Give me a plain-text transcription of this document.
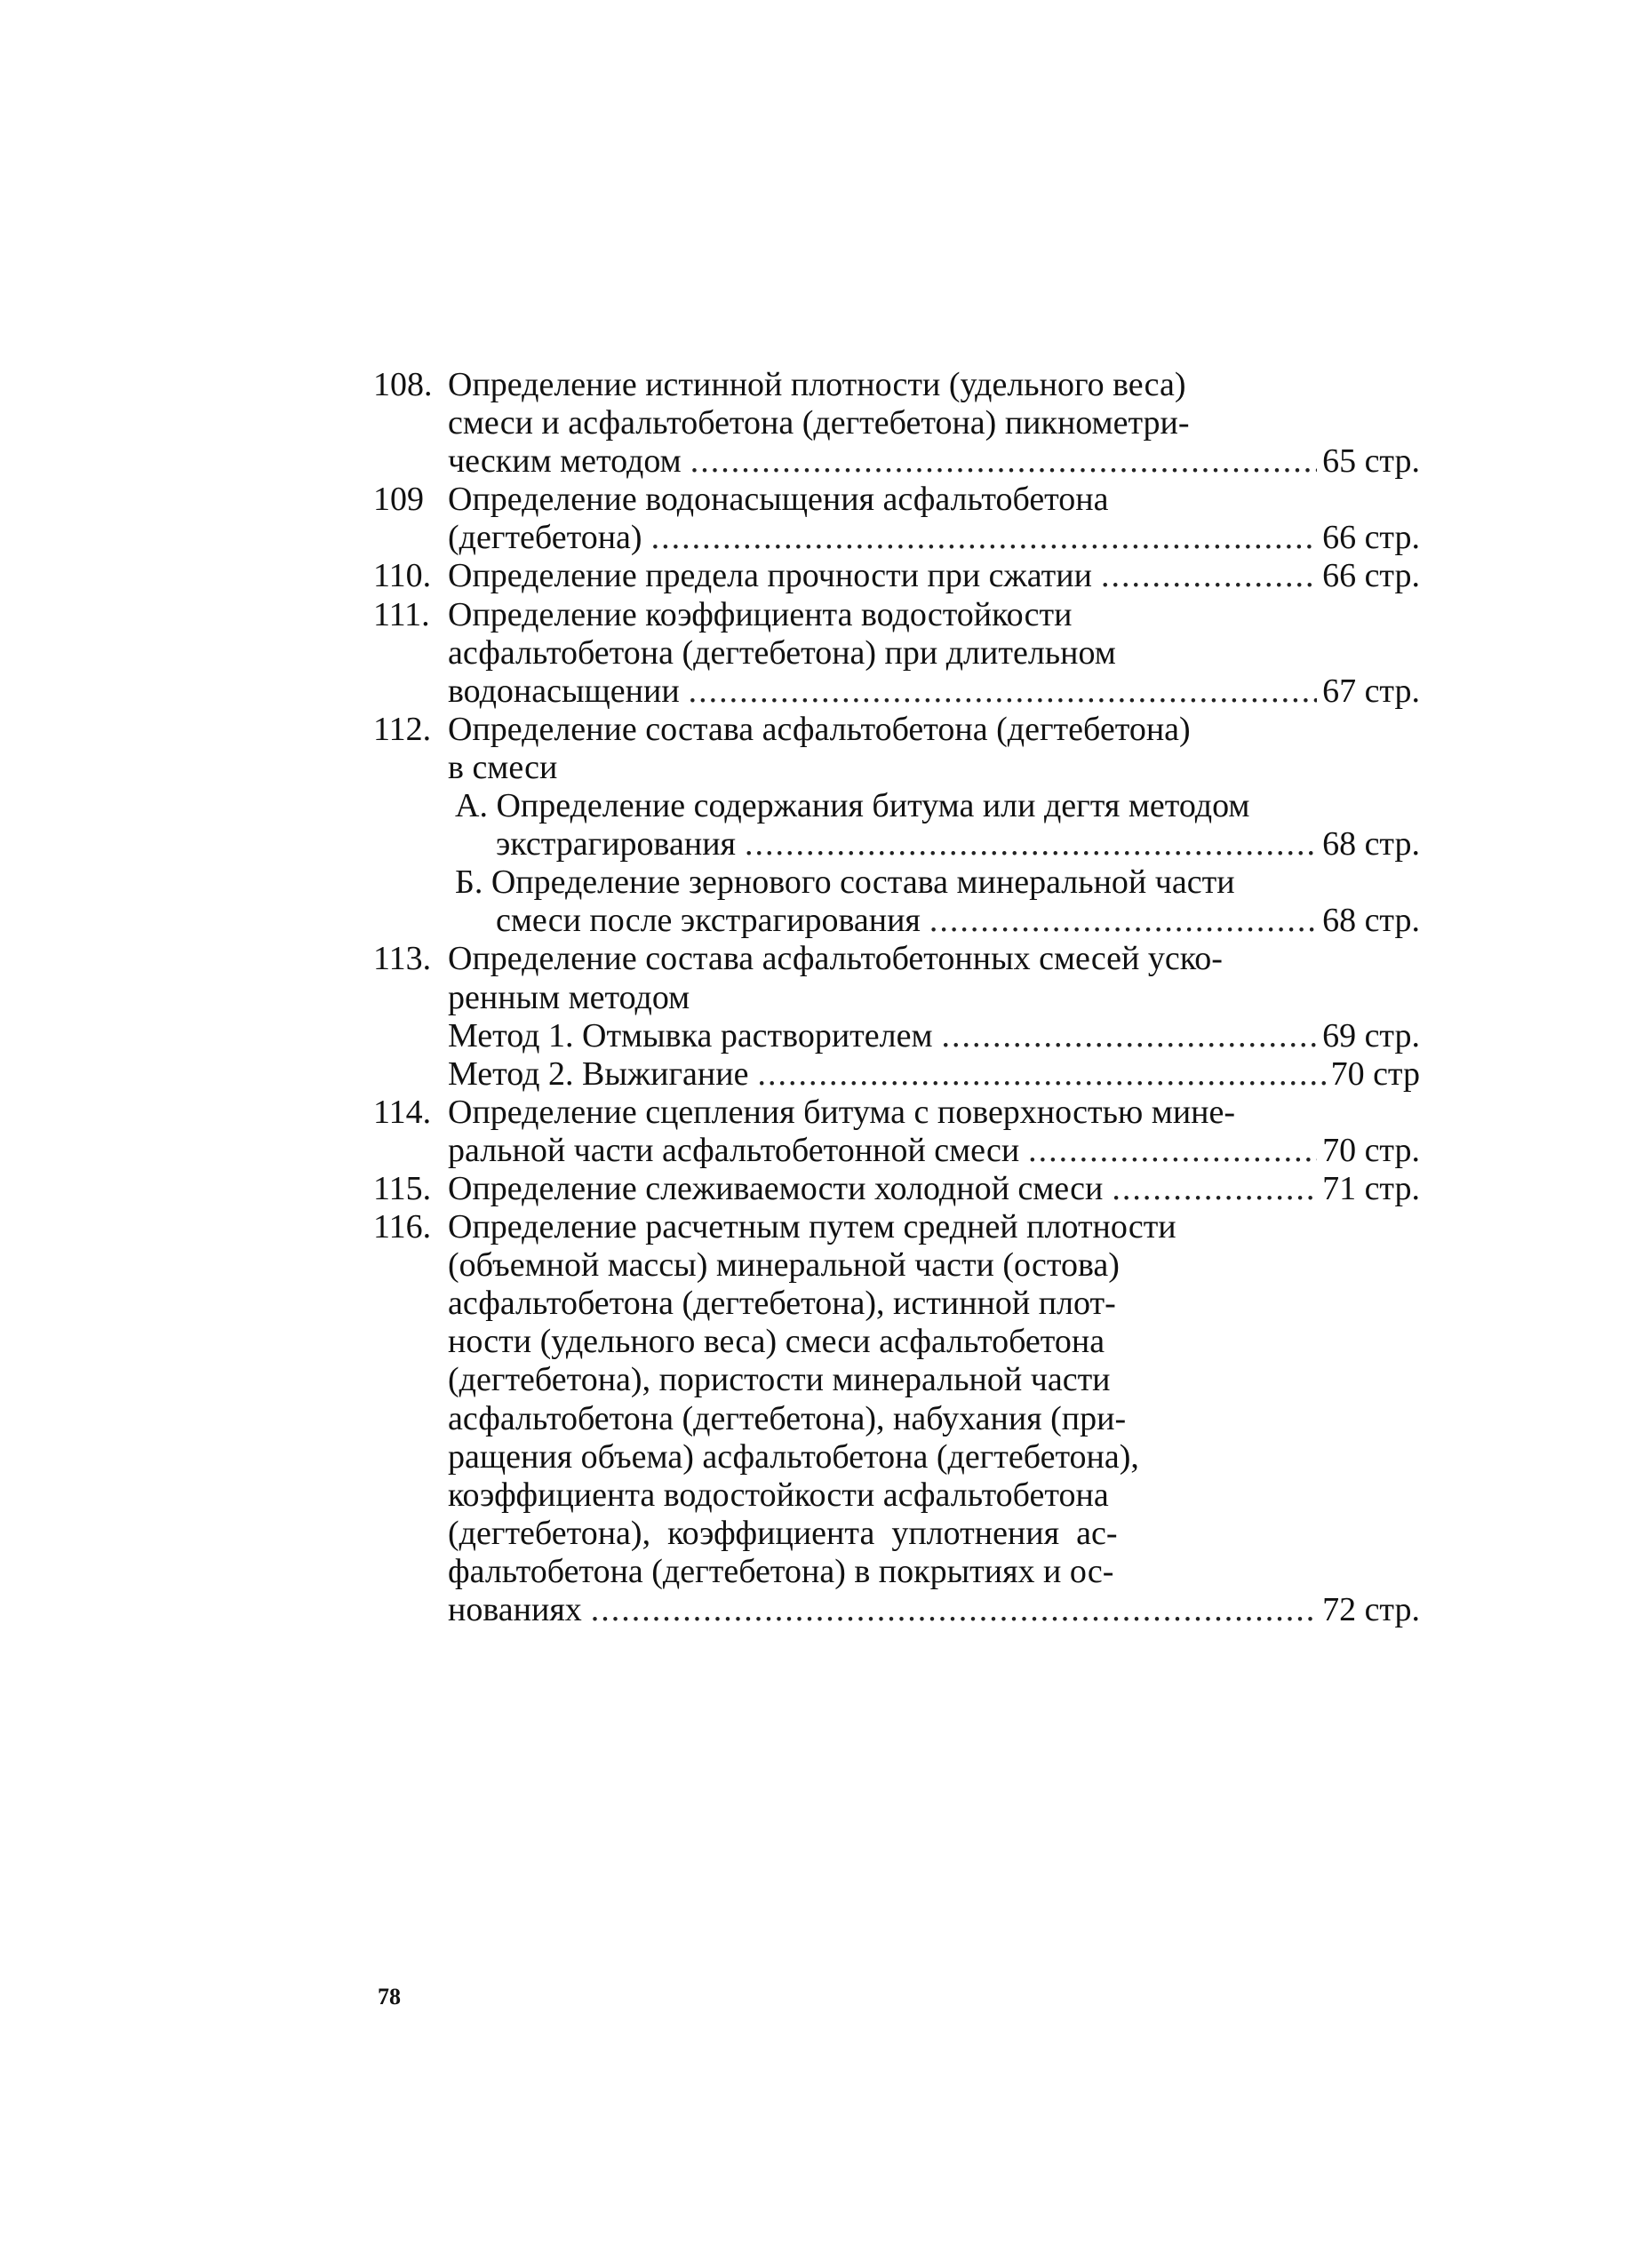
108. Определение истинной плотности (удельного веса)
смеси и асфальтобетона (дегтебетона) пикнометри-
ческим методом .....	65 стр.
109 Определение водонасыщения асфальтобетона
(дегтебетона) .....	66 стр.
110. Определение предела прочности при сжатии .....	66 стр.
111. Определение коэффициента водостойкости
асфальтобетона (дегтебетона) при длительном
водонасыщении .....	67 стр.
112. Определение состава асфальтобетона (дегтебетона)
в смеси
А. Определение содержания битума или дегтя методом
экстрагирования .....	68 стр.
Б. Определение зернового состава минеральной части
смеси после экстрагирования .....	68 стр.
113. Определение состава асфальтобетонных смесей уско-
ренным методом
Метод 1. Отмывка растворителем .....	69 стр.
Метод 2. Выжигание .....	70 стр
114. Определение сцепления битума с поверхностью мине-
ральной части асфальтобетонной смеси .....	70 стр.
115. Определение слеживаемости холодной смеси .....	71 стр.
116. Определение расчетным путем средней плотности
(объемной массы) минеральной части (остова)
асфальтобетона (дегтебетона), истинной плот-
ности (удельного веса) смеси асфальтобетона
(дегтебетона), пористости минеральной части
асфальтобетона (дегтебетона), набухания (при-
ращения объема) асфальтобетона (дегтебетона),
коэффициента водостойкости асфальтобетона
(дегтебетона),  коэффициента  уплотнения  ас-
фальтобетона (дегтебетона) в покрытиях и ос-
нованиях .....	72 стр.
78
